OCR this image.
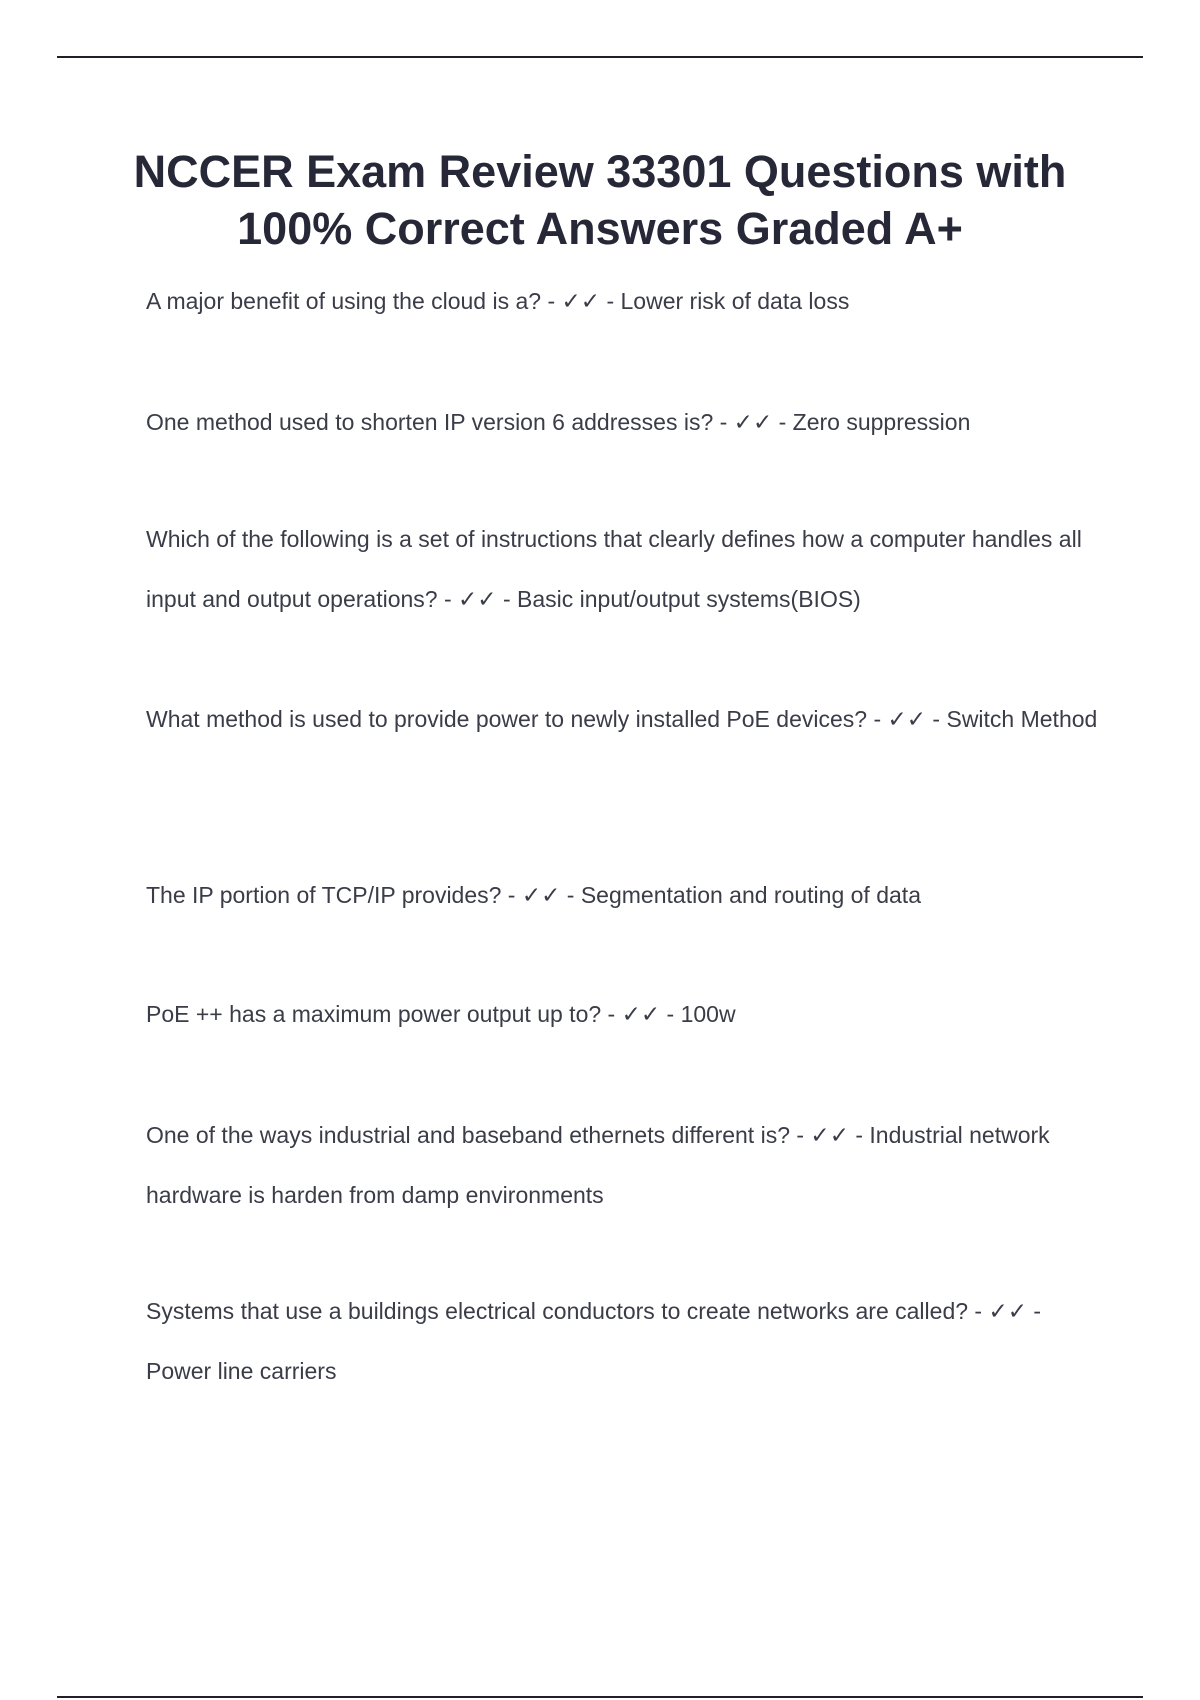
NCCER Exam Review 33301 Questions with 100% Correct Answers Graded A+
A major benefit of using the cloud is a? - ✓✓ - Lower risk of data loss
One method used to shorten IP version 6 addresses is? - ✓✓ - Zero suppression
Which of the following is a set of instructions that clearly defines how a computer handles all input and output operations? - ✓✓ - Basic input/output systems(BIOS)
What method is used to provide power to newly installed PoE devices? - ✓✓ - Switch Method
The IP portion of TCP/IP provides? - ✓✓ - Segmentation and routing of data
PoE ++ has a maximum power output up to? - ✓✓ - 100w
One of the ways industrial and baseband ethernets different is? - ✓✓ - Industrial network hardware is harden from damp environments
Systems that use a buildings electrical conductors to create networks are called? - ✓✓ - Power line carriers
